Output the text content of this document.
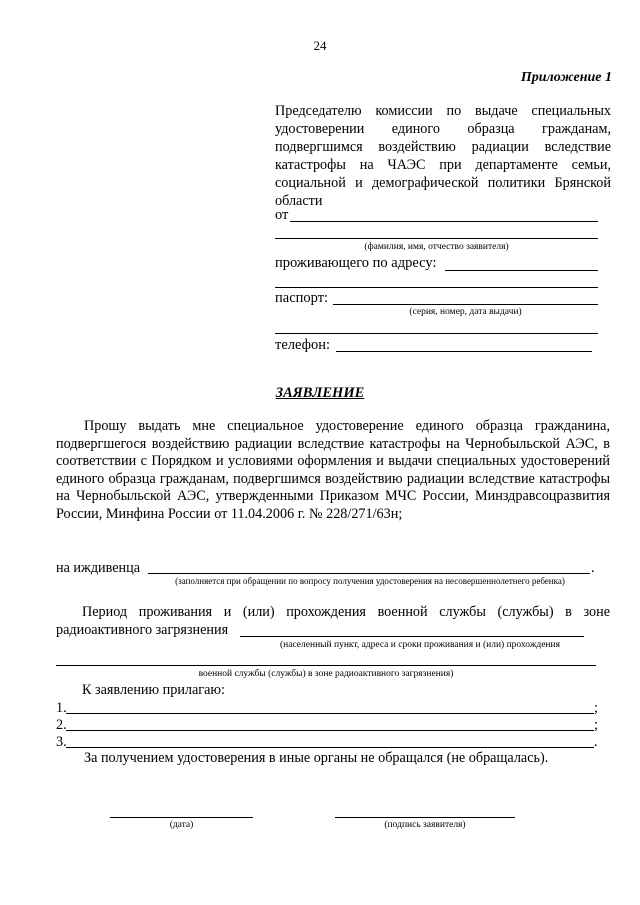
24
Приложение 1
Председателю комиссии по выдаче специальных
удостоверении единого образца гражданам,
подвергшимся воздействию радиации вследствие
катастрофы на ЧАЭС при департаменте семьи,
социальной и демографической политики Брянской
области
от
(фамилия, имя, отчество заявителя)
проживающего по адресу:
паспорт:
(серия, номер, дата выдачи)
телефон:
ЗАЯВЛЕНИЕ
Прошу выдать мне специальное удостоверение единого образца гражданина, подвергшегося воздействию радиации вследствие катастрофы на Чернобыльской АЭС, в соответствии с Порядком и условиями оформления и выдачи специальных удостоверений единого образца гражданам, подвергшимся воздействию радиации вследствие катастрофы на Чернобыльской АЭС, утвержденными Приказом МЧС России, Минздравсоцразвития России, Минфина России от 11.04.2006 г. № 228/271/63н;
на иждивенца	.
(заполняется при обращении по вопросу получения удостоверения на несовершеннолетнего ребенка)
Период проживания и (или) прохождения военной службы (службы) в зоне
радиоактивного загрязнения
(населенный пункт, адреса и сроки проживания и (или) прохождения
военной службы (службы) в зоне радиоактивного загрязнения)
К заявлению прилагаю:
1.	;
2.	;
3.	.
За получением удостоверения в иные органы не обращался (не обращалась).
(дата)	(подпись заявителя)
